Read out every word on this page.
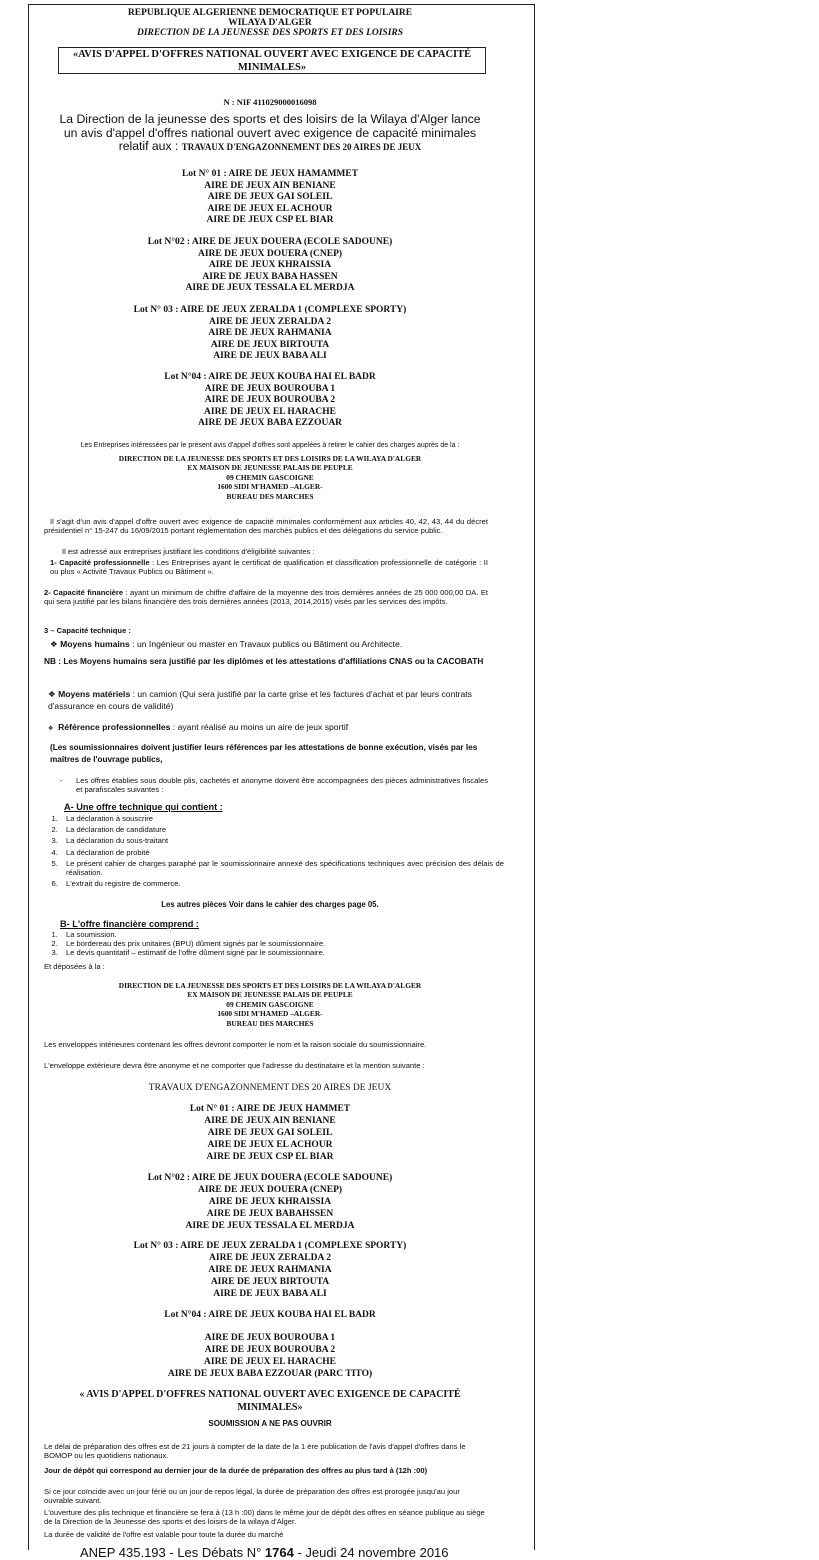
REPUBLIQUE ALGERIENNE DEMOCRATIQUE ET POPULAIRE
WILAYA D'ALGER
DIRECTION DE LA JEUNESSE DES SPORTS ET DES LOISIRS
«AVIS D'APPEL D'OFFRES NATIONAL OUVERT AVEC EXIGENCE DE CAPACITÉ
MINIMALES»
N : NIF 411029000016098
La Direction de la jeunesse des sports et des loisirs de la Wilaya d'Alger lance
un avis d'appel d'offres national ouvert avec exigence de capacité minimales
relatif aux : TRAVAUX D'ENGAZONNEMENT DES 20 AIRES DE JEUX
Lot N° 01 : AIRE DE JEUX HAMAMMET
AIRE DE JEUX AIN BENIANE
AIRE DE JEUX GAI SOLEIL
AIRE DE JEUX EL ACHOUR
AIRE DE JEUX CSP EL BIAR
Lot N°02 : AIRE DE JEUX DOUERA (ECOLE SADOUNE)
AIRE DE JEUX DOUERA (CNEP)
AIRE DE JEUX KHRAISSIA
AIRE DE JEUX BABA HASSEN
AIRE DE JEUX TESSALA EL MERDJA
Lot N° 03 : AIRE DE JEUX ZERALDA 1 (COMPLEXE SPORTY)
AIRE DE JEUX ZERALDA 2
AIRE DE JEUX RAHMANIA
AIRE DE JEUX BIRTOUTA
AIRE DE JEUX BABA ALI
Lot N°04 : AIRE DE JEUX KOUBA HAI EL BADR
AIRE DE JEUX BOUROUBA 1
AIRE DE JEUX BOUROUBA 2
AIRE DE JEUX EL HARACHE
AIRE DE JEUX BABA EZZOUAR
Les Entreprises intéressées par le présent avis d'appel d'offres sont appelées à retirer le cahier des charges auprès de la :
DIRECTION DE LA JEUNESSE DES SPORTS ET DES LOISIRS DE LA WILAYA D'ALGER
EX MAISON DE JEUNESSE PALAIS DE PEUPLE
09 CHEMIN GASCOIGNE
1600 SIDI M'HAMED –ALGER-
BUREAU DES MARCHES
Il s'agit d'un avis d'appel d'offre ouvert avec exigence de capacité minimales conformément aux articles 40, 42, 43, 44 du décret présidentiel n° 15-247 du 16/09/2015 portant réglementation des marchés publics et des délégations du service public.
Il est adressé aux entreprises justifiant les conditions d'éligibilité suivantes :
1- Capacité professionnelle : Les Entreprises ayant le certificat de qualification et classification professionnelle de catégorie : II ou plus « Activité Travaux Publics ou Bâtiment ».
2- Capacité financière : ayant un minimum de chiffre d'affaire de la moyenne des trois dernières années de 25 000 000,00 DA. Et qui sera justifié par les bilans financière des trois dernières années (2013, 2014,2015) visés par les services des impôts.
3 – Capacité technique :
❖ Moyens humains : un Ingénieur ou master en Travaux publics ou Bâtiment ou Architecte.
NB : Les Moyens humains sera justifié par les diplômes et les attestations d'affiliations CNAS ou la CACOBATH
❖ Moyens matériels : un camion (Qui sera justifié par la carte grise et les factures d'achat et par leurs contrats d'assurance en cours de validité)
❖ Référence professionnelles : ayant réalisé au moins un aire de jeux sportif
(Les soumissionnaires doivent justifier leurs références par les attestations de bonne exécution, visés par les maîtres de l'ouvrage publics,
- Les offres établies sous double plis, cachetés et anonyme doivent être accompagnées des pièces administratives fiscales et parafiscales suivantes :
A- Une offre technique qui contient :
1. La déclaration à souscrire
2. La déclaration de candidature
3. La déclaration du sous-traitant
4. La déclaration de probité
5. Le présent cahier de charges paraphé par le soumissionnaire annexé des spécifications techniques avec précision des délais de réalisation.
6. L'extrait du registre de commerce.
Les autres pièces Voir dans le cahier des charges page 05.
B- L'offre financière comprend :
1. La soumission.
2. Le bordereau des prix unitaires (BPU) dûment signés par le soumissionnaire.
3. Le devis quantitatif – estimatif de l'offre dûment signé par le soumissionnaire.
Et déposées à la :
DIRECTION DE LA JEUNESSE DES SPORTS ET DES LOISIRS DE LA WILAYA D'ALGER
EX MAISON DE JEUNESSE PALAIS DE PEUPLE
09 CHEMIN GASCOIGNE
1600 SIDI M'HAMED –ALGER-
BUREAU DES MARCHES
Les enveloppes intérieures contenant les offres devront comporter le nom et la raison sociale du soumissionnaire.
L'enveloppe extérieure devra être anonyme et ne comporter que l'adresse du destinataire et la mention suivante :
TRAVAUX D'ENGAZONNEMENT DES 20 AIRES DE JEUX
Lot N° 01 : AIRE DE JEUX HAMMET
AIRE DE JEUX AIN BENIANE
AIRE DE JEUX GAI SOLEIL
AIRE DE JEUX EL ACHOUR
AIRE DE JEUX CSP EL BIAR
Lot N°02 : AIRE DE JEUX DOUERA (ECOLE SADOUNE)
AIRE DE JEUX DOUERA (CNEP)
AIRE DE JEUX KHRAISSIA
AIRE DE JEUX BABAHSSEN
AIRE DE JEUX TESSALA EL MERDJA
Lot N° 03 : AIRE DE JEUX ZERALDA 1 (COMPLEXE SPORTY)
AIRE DE JEUX ZERALDA 2
AIRE DE JEUX RAHMANIA
AIRE DE JEUX BIRTOUTA
AIRE DE JEUX BABA ALI
Lot N°04 : AIRE DE JEUX KOUBA HAI EL BADR
AIRE DE JEUX BOUROUBA 1
AIRE DE JEUX BOUROUBA 2
AIRE DE JEUX EL HARACHE
AIRE DE JEUX BABA EZZOUAR (PARC TITO)
« AVIS D'APPEL D'OFFRES NATIONAL OUVERT AVEC EXIGENCE DE CAPACITÉ
MINIMALES»
SOUMISSION A NE PAS OUVRIR
Le délai de préparation des offres est de 21 jours à compter de la date de la 1 ère publication de l'avis d'appel d'offres dans le BOMOP ou les quotidiens nationaux.
Jour de dépôt qui correspond au dernier jour de la durée de préparation des offres au plus tard à (12h :00)
Si ce jour coïncide avec un jour férié ou un jour de repos légal, la durée de préparation des offres est prorogée jusqu'au jour ouvrable suivant.
L'ouverture des plis technique et financière se fera à (13 h :00) dans le même jour de dépôt des offres en séance publique au siège de la Direction de la Jeunesse des sports et des loisirs de la wilaya d'Alger.
La durée de validité de l'offre est valable pour toute la durée du marché
ANEP 435.193 - Les Débats N° 1764 - Jeudi 24 novembre 2016
